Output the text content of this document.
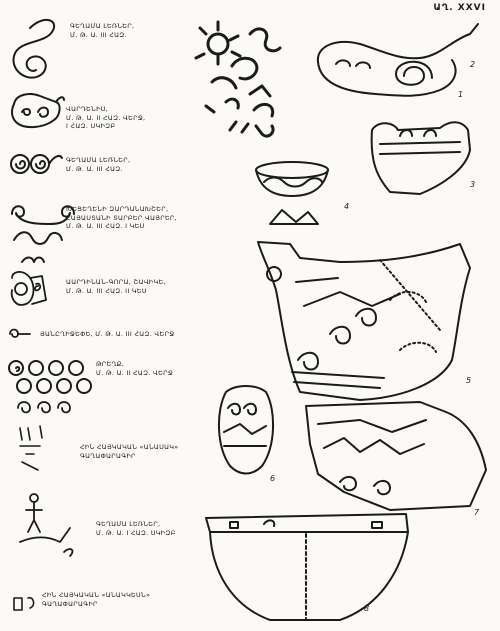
ԱՂ. XXVI
ԳԵՂԱՄԱ ԼԵՌՆԵՐ,
Մ. Թ. Ա. III ՀԱԶ.
ՎԱՐԴԵՆԻՍ,
Մ. Թ. Ա. II ՀԱԶ. ՎԵՐՋ,
I ՀԱԶ. ՍԿԻԶԲ
ԳԵՂԱՄԱ ԼԵՌՆԵՐ,
Մ. Թ. Ա. III ՀԱԶ.
ԽԵՑԵՂԵՆԻ ԶԱՐԴԱՆԱԽՇԵՐ,
ՀԱՅԱՍՏԱՆԻ ՏԱՐԲԵՐ ՎԱՅՐԵՐ,
Մ. Թ. Ա. III ՀԱԶ. I ԿԵՍ
ԱԱՐԴԻՆԱՆ-ԳՈՐԱ, ՇԱՎԻԿԵ,
Մ. Թ. Ա. III ՀԱԶ. II ԿԵՍ
ՅԱՆԸՂԻՋԵՓԵ, Մ. Թ. Ա. III ՀԱԶ. ՎԵՐՋ
ԹՐԵՂՔ,
Մ. Թ. Ա. II ՀԱԶ. ՎԵՐՋ
ՀԻՆ ՀԱՅԿԱԿԱՆ «ԱՆԱՍԱԿ»
ԳԱՂԱՓԱՐԱԳԻՐ
ԳԵՂԱՄԱ ԼԵՌՆԵՐ,
Մ. Թ. Ա. I ՀԱԶ. ՍԿԻԶԲ
ՀԻՆ ՀԱՅԿԱԿԱՆ «ԱՆԱԿԿԵՍՆ»
ԳԱՂԱՓԱՐԱԳԻՐ
1
2
3
4
5
6
7
8
